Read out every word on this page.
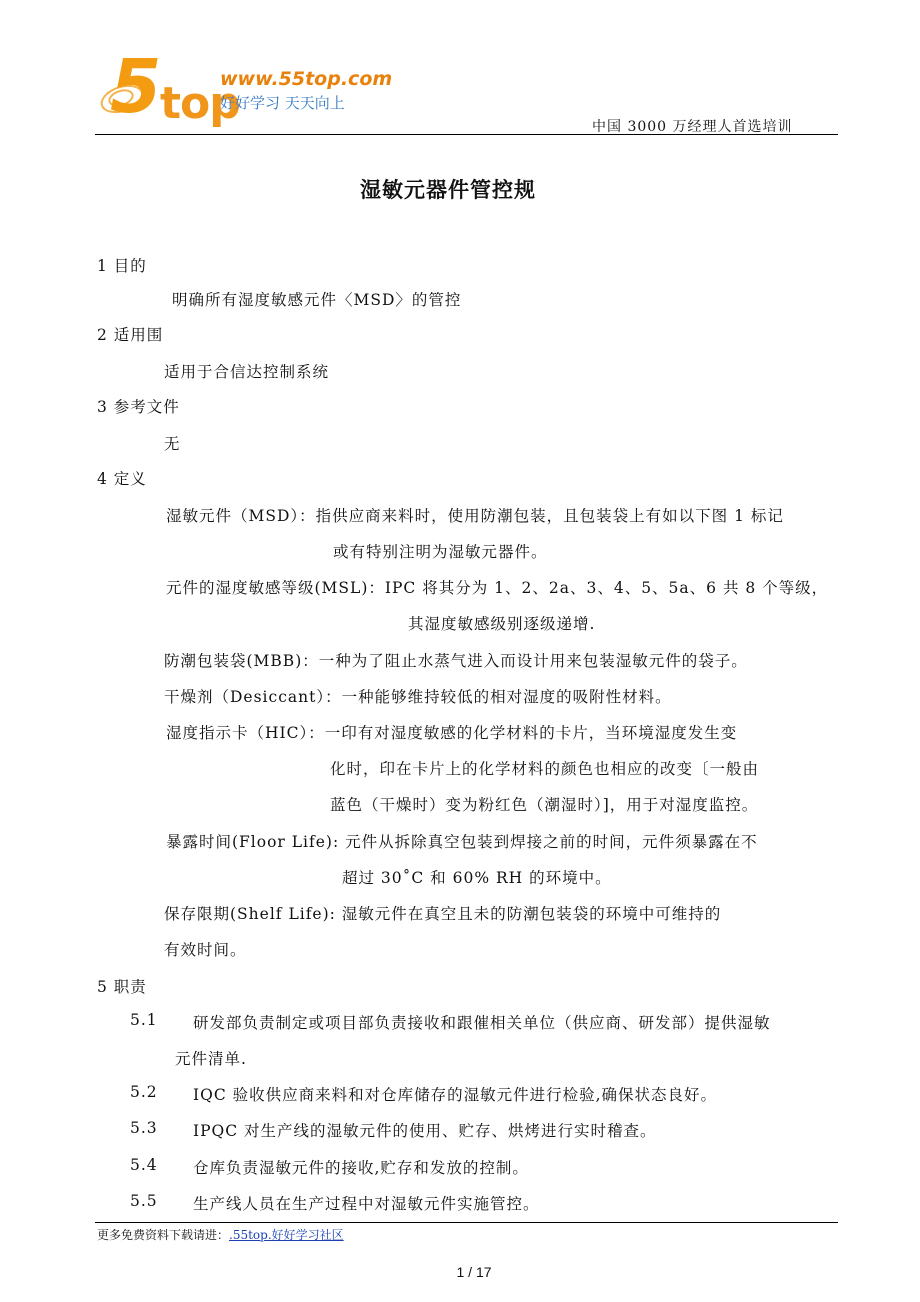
5
top
www.55top.com
好好学习 天天向上
中国 3000 万经理人首选培训
湿敏元器件管控规
1 目的
明确所有湿度敏感元件〈MSD〉的管控
2 适用围
适用于合信达控制系统
3 参考文件
无
4 定义
湿敏元件（MSD）：指供应商来料时，使用防潮包装，且包装袋上有如以下图 1 标记
或有特别注明为湿敏元器件。
元件的湿度敏感等级(MSL)：IPC 将其分为 1、2、2a、3、4、5、5a、6 共 8 个等级，
其湿度敏感级别逐级递增.
防潮包装袋(MBB)：一种为了阻止水蒸气进入而设计用来包装湿敏元件的袋子。
干燥剂（Desiccant）：一种能够维持较低的相对湿度的吸附性材料。
湿度指示卡（HIC）：一印有对湿度敏感的化学材料的卡片，当环境湿度发生变
化时，印在卡片上的化学材料的颜色也相应的改变〔一般由
蓝色（干燥时）变为粉红色（潮湿时）]，用于对湿度监控。
暴露时间(Floor Life): 元件从拆除真空包装到焊接之前的时间，元件须暴露在不
超过 30˚C 和 60% RH 的环境中。
保存限期(Shelf Life): 湿敏元件在真空且未的防潮包装袋的环境中可维持的
有效时间。
5 职责
5.1 研发部负责制定或项目部负责接收和跟催相关单位（供应商、研发部）提供湿敏
元件清单.
5.2 IQC 验收供应商来料和对仓库储存的湿敏元件进行检验,确保状态良好。
5.3 IPQC 对生产线的湿敏元件的使用、贮存、烘烤进行实时稽查。
5.4 仓库负责湿敏元件的接收,贮存和发放的控制。
5.5 生产线人员在生产过程中对湿敏元件实施管控。
更多免费资料下载请进：.55top.好好学习社区
1 / 17
